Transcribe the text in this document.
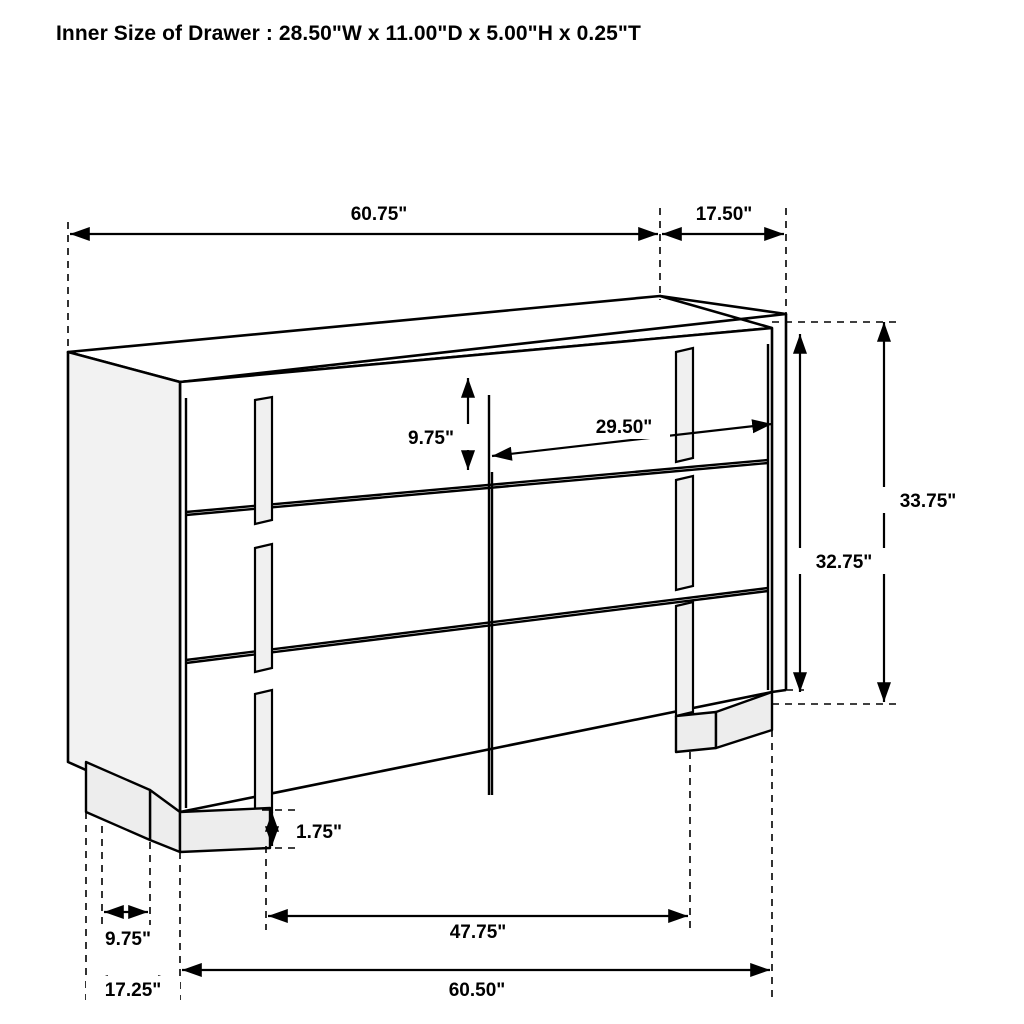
Inner Size of Drawer : 28.50"W x 11.00"D x 5.00"H x 0.25"T
60.75"	17.50"
9.75"
29.50"
33.75"
32.75"
1.75"
47.75"
9.75"
17.25"	60.50"
